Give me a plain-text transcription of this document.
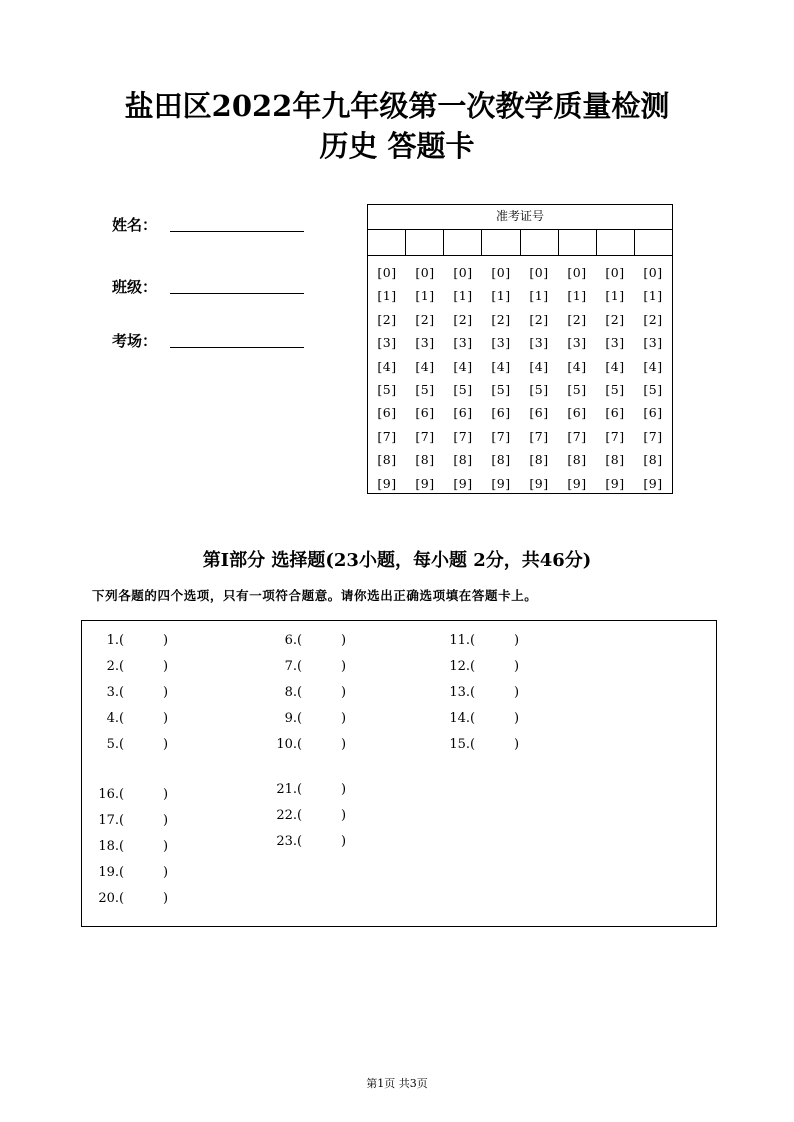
盐田区2022年九年级第一次教学质量检测
历史 答题卡
姓名：
班级：
考场：
准考证号
[0]	[0]	[0]	[0]	[0]	[0]	[0]	[0]
[1]	[1]	[1]	[1]	[1]	[1]	[1]	[1]
[2]	[2]	[2]	[2]	[2]	[2]	[2]	[2]
[3]	[3]	[3]	[3]	[3]	[3]	[3]	[3]
[4]	[4]	[4]	[4]	[4]	[4]	[4]	[4]
[5]	[5]	[5]	[5]	[5]	[5]	[5]	[5]
[6]	[6]	[6]	[6]	[6]	[6]	[6]	[6]
[7]	[7]	[7]	[7]	[7]	[7]	[7]	[7]
[8]	[8]	[8]	[8]	[8]	[8]	[8]	[8]
[9]	[9]	[9]	[9]	[9]	[9]	[9]	[9]
第I部分 选择题(23小题，每小题 2分，共46分)
下列各题的四个选项，只有一项符合题意。请你选出正确选项填在答题卡上。
1.(	)
2.(	)
3.(	)
4.(	)
5.(	)
6.(	)
7.(	)
8.(	)
9.(	)
10.(	)
11.(	)
12.(	)
13.(	)
14.(	)
15.(	)
16.(	)
17.(	)
18.(	)
19.(	)
20.(	)
21.(	)
22.(	)
23.(	)
第1页 共3页
